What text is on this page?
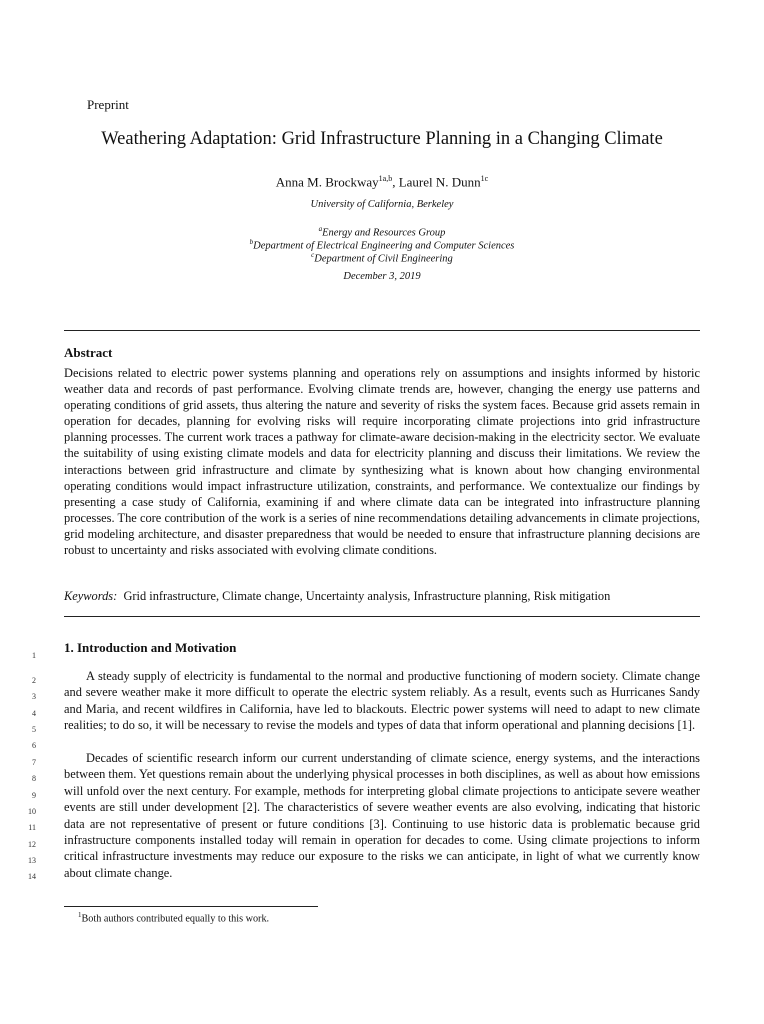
Preprint
Weathering Adaptation: Grid Infrastructure Planning in a Changing Climate
Anna M. Brockway$^{1a,b}$, Laurel N. Dunn$^{1c}$
University of California, Berkeley
$^a$Energy and Resources Group
$^b$Department of Electrical Engineering and Computer Sciences
$^c$Department of Civil Engineering
December 3, 2019
Abstract
Decisions related to electric power systems planning and operations rely on assumptions and insights informed by historic weather data and records of past performance. Evolving climate trends are, however, changing the energy use patterns and operating conditions of grid assets, thus altering the nature and severity of risks the system faces. Because grid assets remain in operation for decades, planning for evolving risks will require incorporating climate projections into grid infrastructure planning processes. The current work traces a pathway for climate-aware decision-making in the electricity sector. We evaluate the suitability of using existing climate models and data for electricity planning and discuss their limitations. We review the interactions between grid infrastructure and climate by synthesizing what is known about how changing environmental operating conditions would impact infrastructure utilization, constraints, and performance. We contextualize our findings by presenting a case study of California, examining if and where climate data can be integrated into infrastructure planning processes. The core contribution of the work is a series of nine recommendations detailing advancements in climate projections, grid modeling architecture, and disaster preparedness that would be needed to ensure that infrastructure planning decisions are robust to uncertainty and risks associated with evolving climate conditions.
Keywords: Grid infrastructure, Climate change, Uncertainty analysis, Infrastructure planning, Risk mitigation
1
2
3
4
5
6
7
8
9
10
11
12
13
14
1. Introduction and Motivation
A steady supply of electricity is fundamental to the normal and productive functioning of modern society. Climate change and severe weather make it more difficult to operate the electric system reliably. As a result, events such as Hurricanes Sandy and Maria, and recent wildfires in California, have led to blackouts. Electric power systems will need to adapt to new climate realities; to do so, it will be necessary to revise the models and types of data that inform operational and planning decisions [1].
Decades of scientific research inform our current understanding of climate science, energy systems, and the interactions between them. Yet questions remain about the underlying physical processes in both disciplines, as well as about how emissions will unfold over the next century. For example, methods for interpreting global climate projections to anticipate severe weather events are still under development [2]. The characteristics of severe weather events are also evolving, indicating that historic data are not representative of present or future conditions [3]. Continuing to use historic data is problematic because grid infrastructure components installed today will remain in operation for decades to come. Using climate projections to inform critical infrastructure investments may reduce our exposure to the risks we can anticipate, in light of what we currently know about climate change.
$^1$Both authors contributed equally to this work.
